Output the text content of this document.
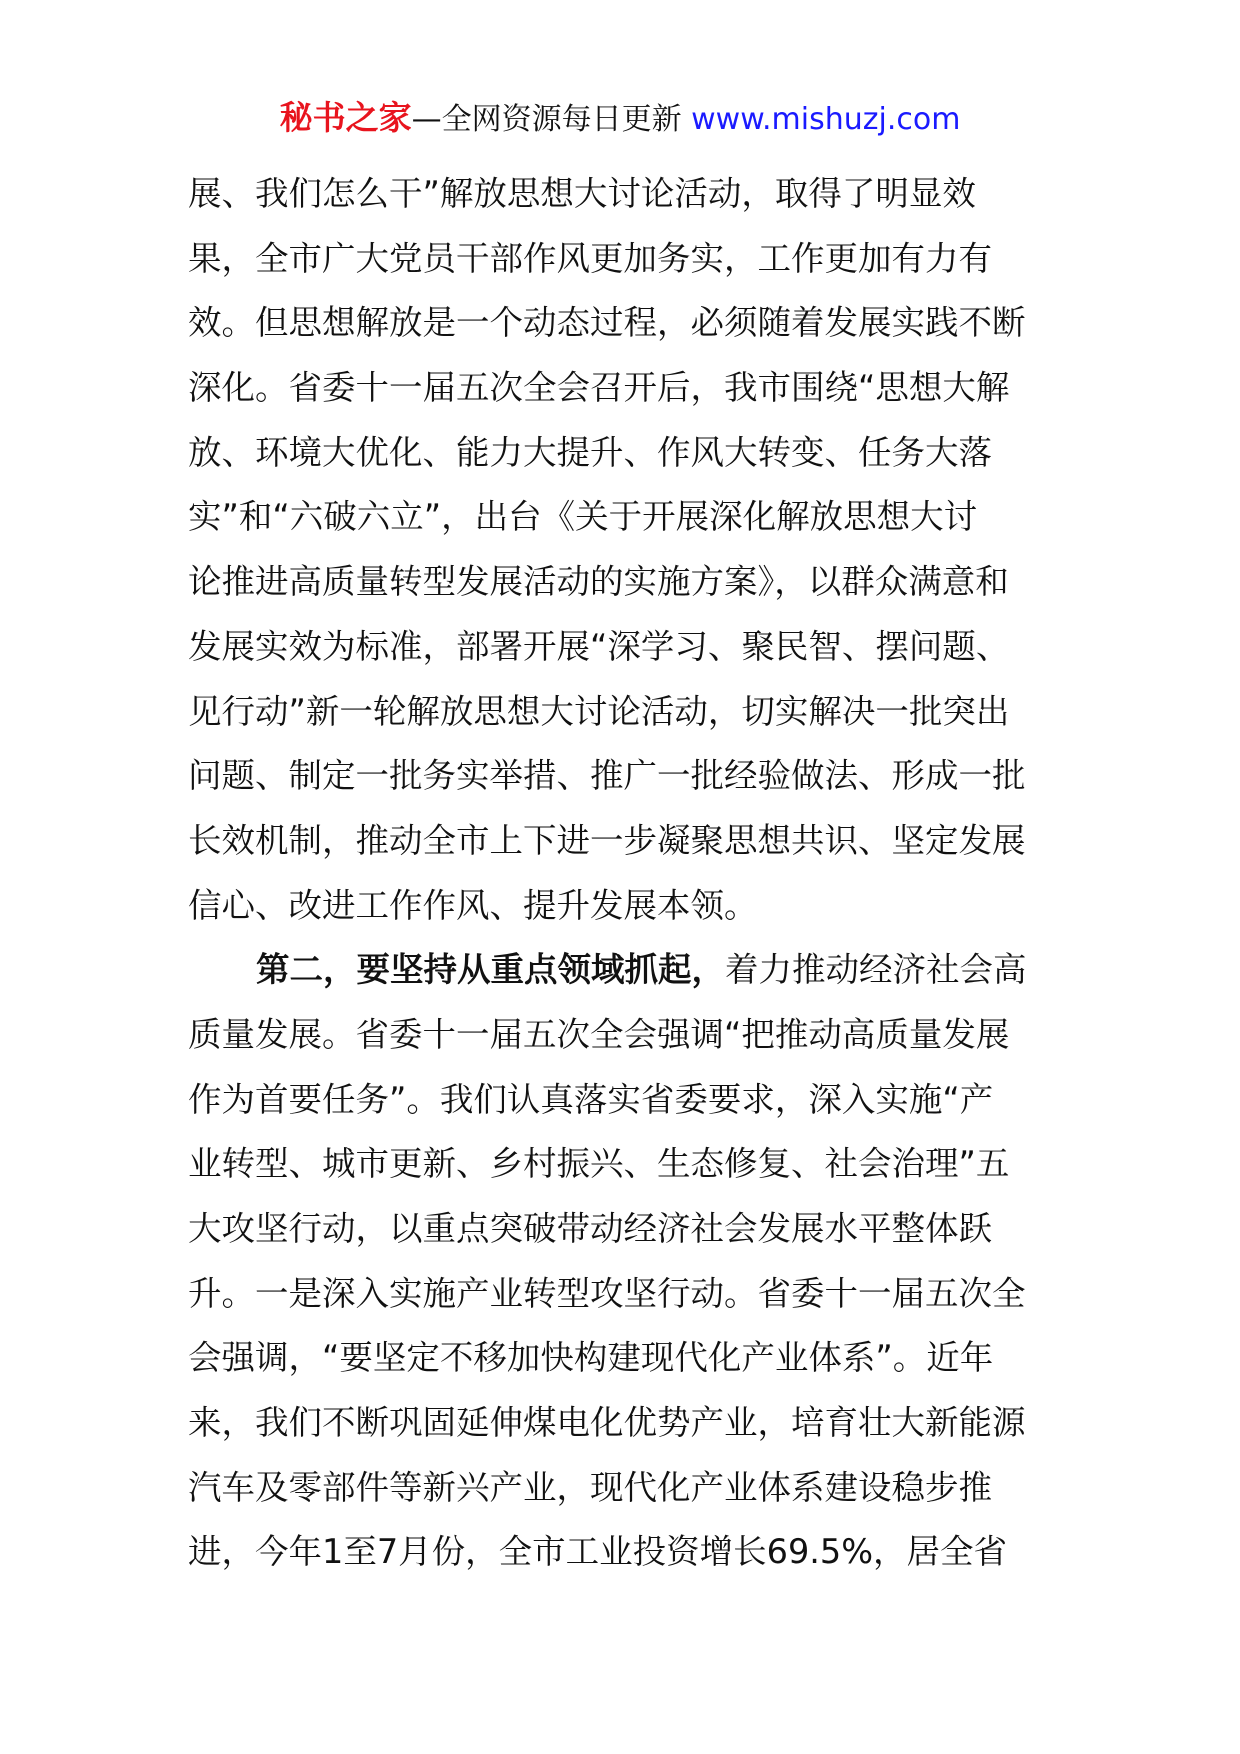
秘书之家—全网资源每日更新 www.mishuzj.com
展、我们怎么干”解放思想大讨论活动，取得了明显效
果，全市广大党员干部作风更加务实，工作更加有力有
效。但思想解放是一个动态过程，必须随着发展实践不断
深化。省委十一届五次全会召开后，我市围绕“思想大解
放、环境大优化、能力大提升、作风大转变、任务大落
实”和“六破六立”，出台《关于开展深化解放思想大讨
论推进高质量转型发展活动的实施方案》，以群众满意和
发展实效为标准，部署开展“深学习、聚民智、摆问题、
见行动”新一轮解放思想大讨论活动，切实解决一批突出
问题、制定一批务实举措、推广一批经验做法、形成一批
长效机制，推动全市上下进一步凝聚思想共识、坚定发展
信心、改进工作作风、提升发展本领。
第二，要坚持从重点领域抓起，着力推动经济社会高
质量发展。省委十一届五次全会强调“把推动高质量发展
作为首要任务”。我们认真落实省委要求，深入实施“产
业转型、城市更新、乡村振兴、生态修复、社会治理”五
大攻坚行动，以重点突破带动经济社会发展水平整体跃
升。一是深入实施产业转型攻坚行动。省委十一届五次全
会强调，“要坚定不移加快构建现代化产业体系”。近年
来，我们不断巩固延伸煤电化优势产业，培育壮大新能源
汽车及零部件等新兴产业，现代化产业体系建设稳步推
进，今年1至7月份，全市工业投资增长69.5%，居全省
